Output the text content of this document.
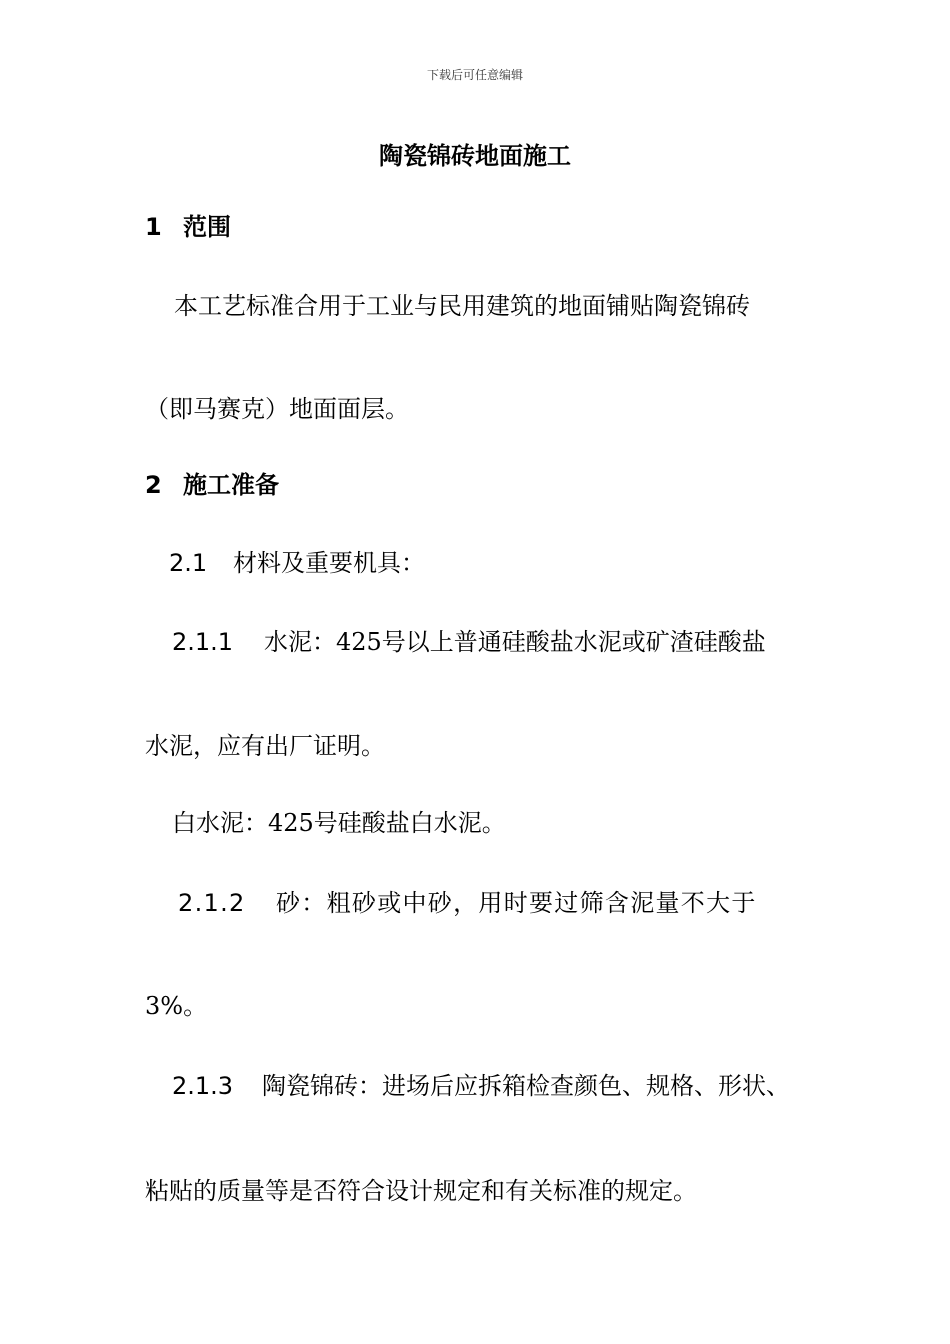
下载后可任意编辑
陶瓷锦砖地面施工
1 范围
本工艺标准合用于工业与民用建筑的地面铺贴陶瓷锦砖
（即马赛克）地面面层。
2 施工准备
2.1 材料及重要机具：
2.1.1 水泥：425号以上普通硅酸盐水泥或矿渣硅酸盐
水泥，应有出厂证明。
白水泥：425号硅酸盐白水泥。
2.1.2 砂：粗砂或中砂，用时要过筛含泥量不大于
3%。
2.1.3 陶瓷锦砖：进场后应拆箱检查颜色、规格、形状、
粘贴的质量等是否符合设计规定和有关标准的规定。
